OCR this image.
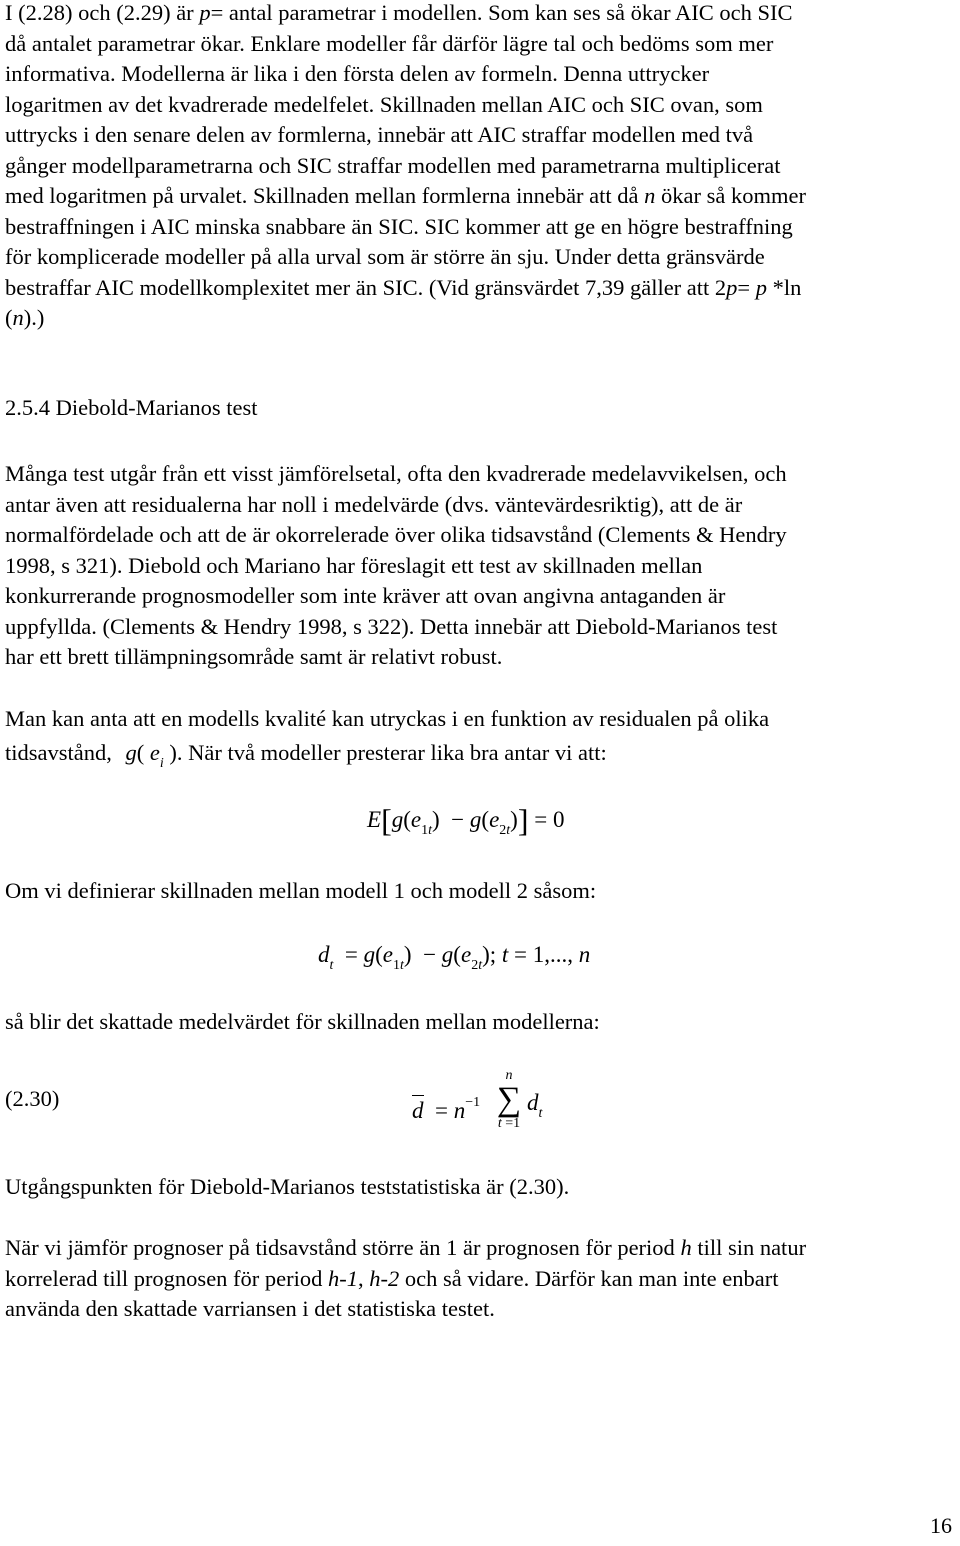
I (2.28) och (2.29) är p= antal parametrar i modellen. Som kan ses så ökar AIC och SIC
då antalet parametrar ökar. Enklare modeller får därför lägre tal och bedöms som mer
informativa. Modellerna är lika i den första delen av formeln. Denna uttrycker
logaritmen av det kvadrerade medelfelet. Skillnaden mellan AIC och SIC ovan, som
uttrycks i den senare delen av formlerna, innebär att AIC straffar modellen med två
gånger modellparametrarna och SIC straffar modellen med parametrarna multiplicerat
med logaritmen på urvalet. Skillnaden mellan formlerna innebär att då n ökar så kommer
bestraffningen i AIC minska snabbare än SIC. SIC kommer att ge en högre bestraffning
för komplicerade modeller på alla urval som är större än sju. Under detta gränsvärde
bestraffar AIC modellkomplexitet mer än SIC. (Vid gränsvärdet 7,39 gäller att 2p= p *ln
(n).)
2.5.4 Diebold-Marianos test
Många test utgår från ett visst jämförelsetal, ofta den kvadrerade medelavvikelsen, och
antar även att residualerna har noll i medelvärde (dvs. väntevärdesriktig), att de är
normalfördelade och att de är okorrelerade över olika tidsavstånd (Clements & Hendry
1998, s 321). Diebold och Mariano har föreslagit ett test av skillnaden mellan
konkurrerande prognosmodeller som inte kräver att ovan angivna antaganden är
uppfyllda. (Clements & Hendry 1998, s 322). Detta innebär att Diebold-Marianos test
har ett brett tillämpningsområde samt är relativt robust.
Man kan anta att en modells kvalité kan utryckas i en funktion av residualen på olika
tidsavstånd, g( $e_i$ ). När två modeller presterar lika bra antar vi att:
$E[g(e_{1t}) - g(e_{2t})] = 0$
Om vi definierar skillnaden mellan modell 1 och modell 2 såsom:
$d_t = g(e_{1t}) - g(e_{2t})$; t = 1,..., n
så blir det skattade medelvärdet för skillnaden mellan modellerna:
(2.30)	$d = n^{-1}$
n
∑
t =1
$d_t$
Utgångspunkten för Diebold-Marianos teststatistiska är (2.30).
När vi jämför prognoser på tidsavstånd större än 1 är prognosen för period h till sin natur
korrelerad till prognosen för period h-1, h-2 och så vidare. Därför kan man inte enbart
använda den skattade varriansen i det statistiska testet.
16
